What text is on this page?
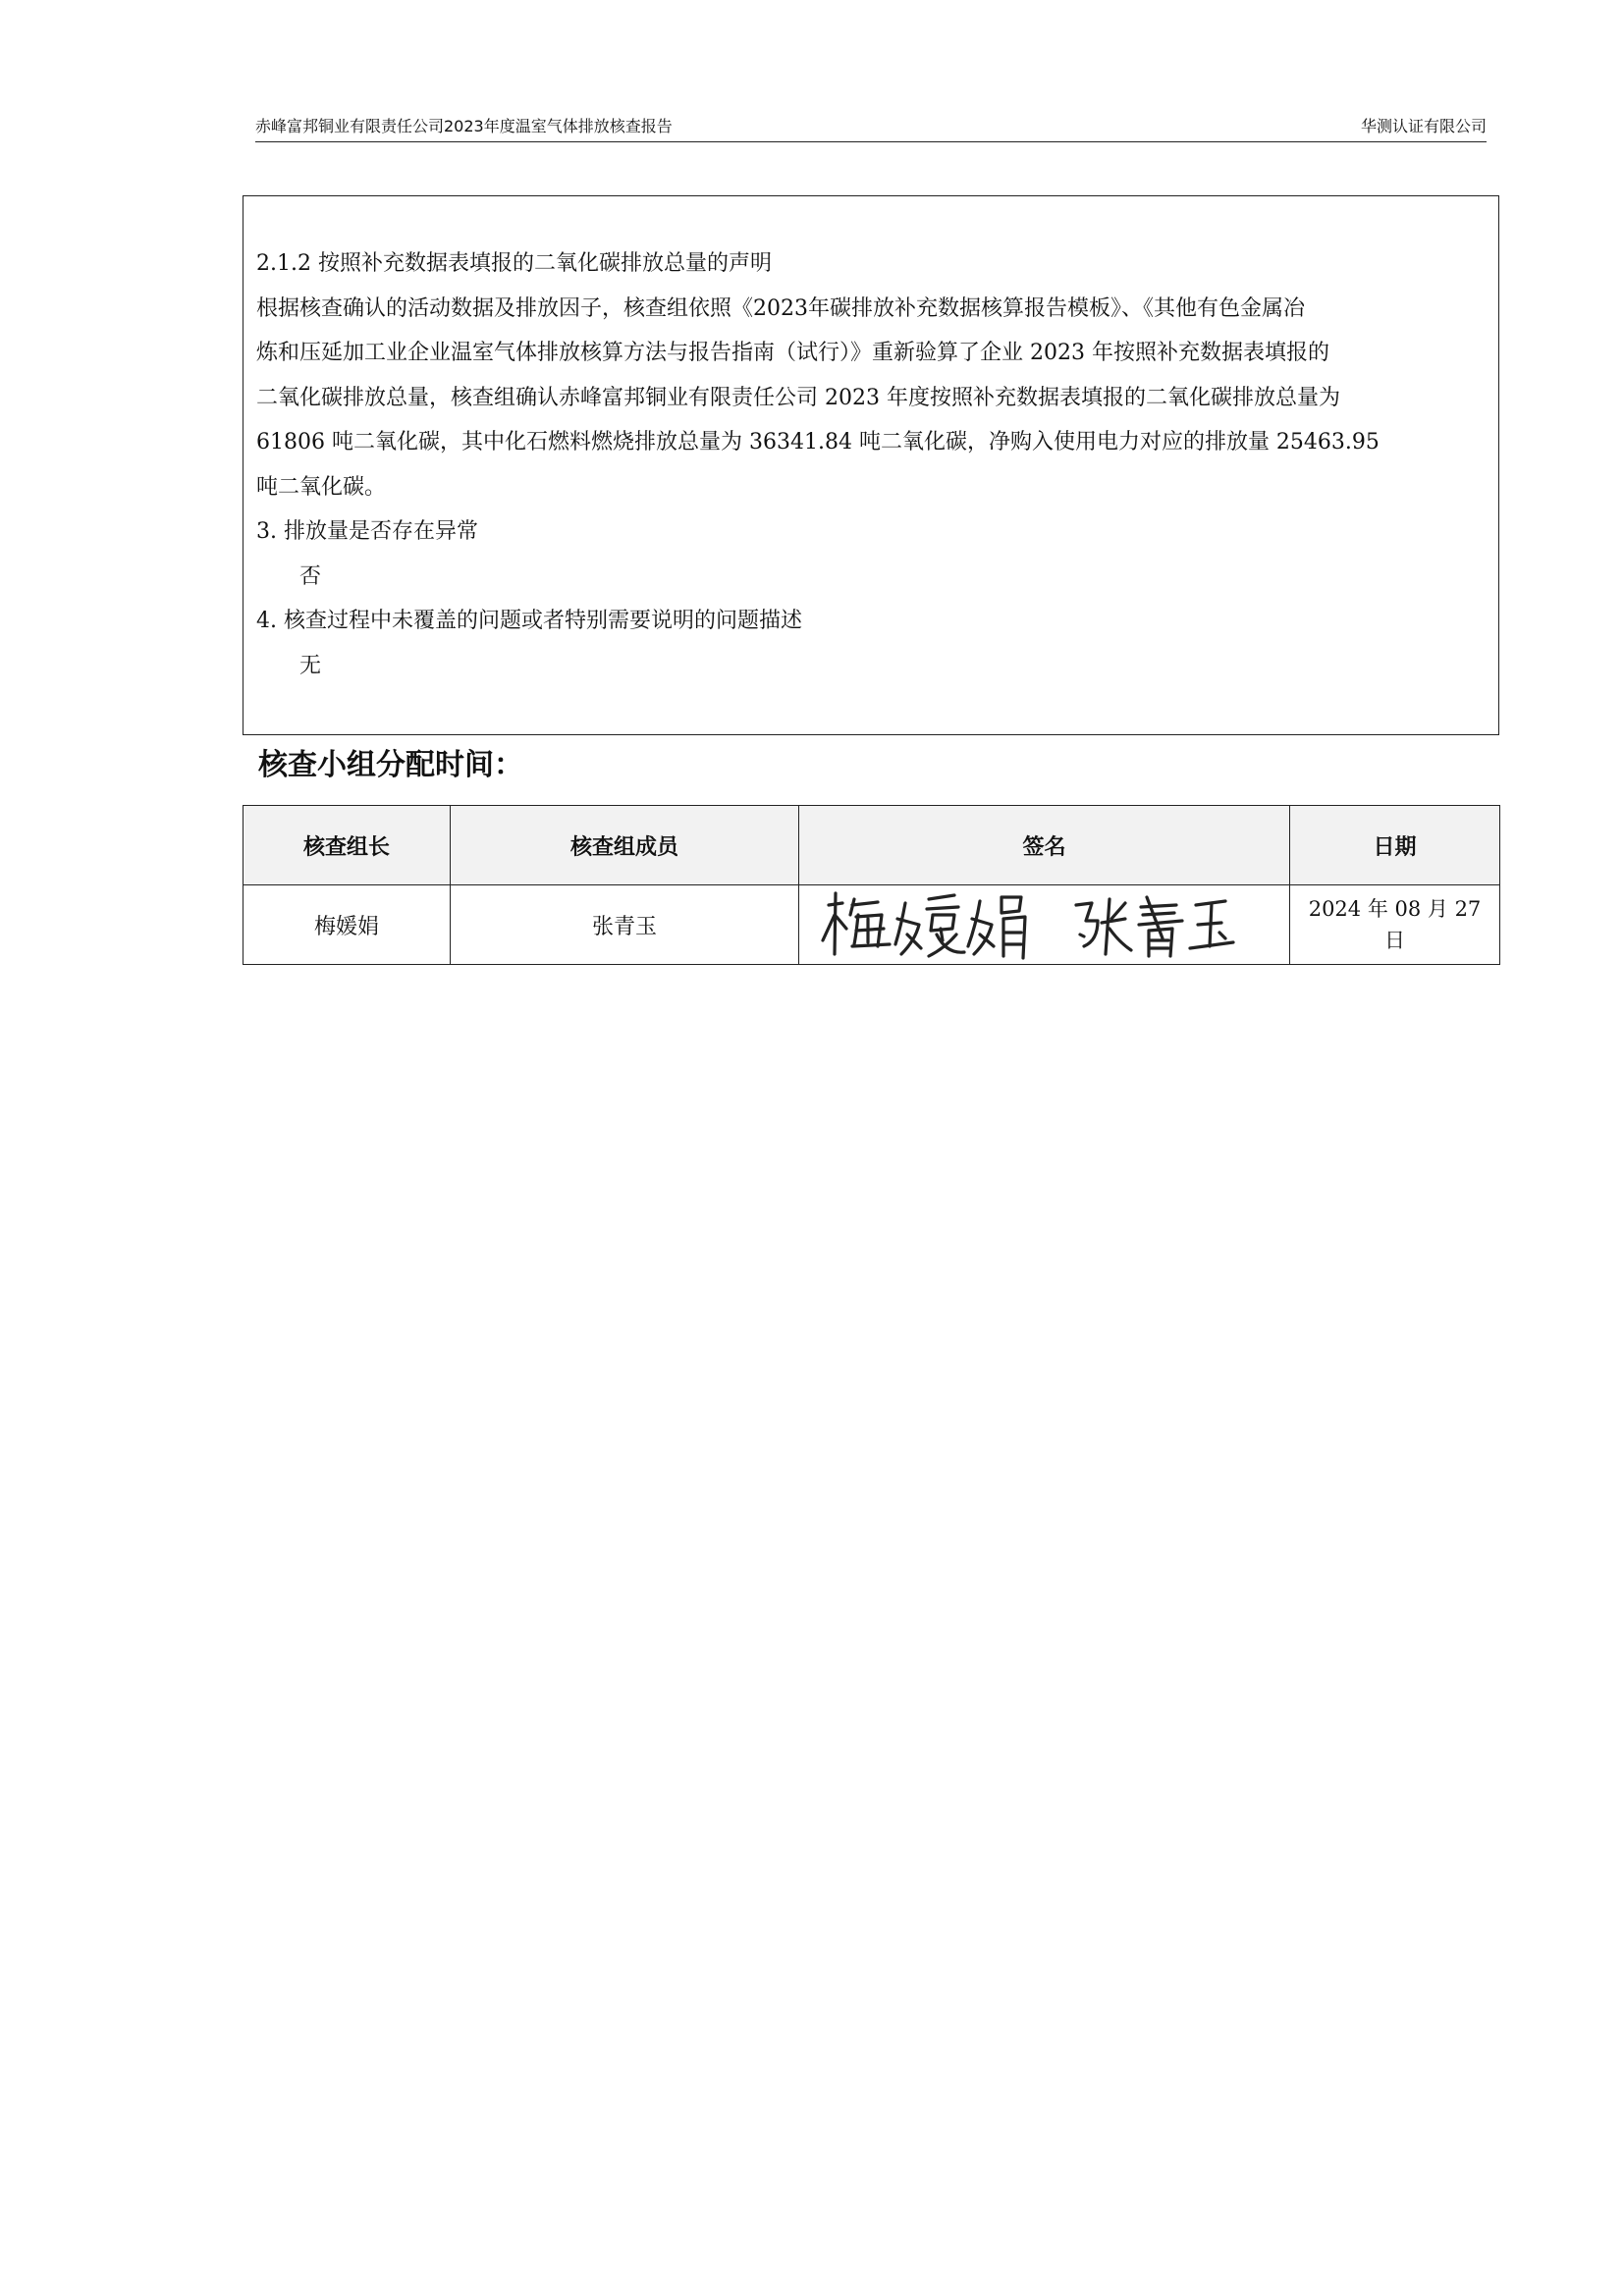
赤峰富邦铜业有限责任公司2023年度温室气体排放核查报告	华测认证有限公司

2.1.2 按照补充数据表填报的二氧化碳排放总量的声明

根据核查确认的活动数据及排放因子，核查组依照《2023年碳排放补充数据核算报告模板》、《其他有色金属冶

炼和压延加工业企业温室气体排放核算方法与报告指南（试行）》重新验算了企业 2023 年按照补充数据表填报的

二氧化碳排放总量，核查组确认赤峰富邦铜业有限责任公司 2023 年度按照补充数据表填报的二氧化碳排放总量为

61806 吨二氧化碳，其中化石燃料燃烧排放总量为 36341.84 吨二氧化碳，净购入使用电力对应的排放量 25463.95

吨二氧化碳。

3. 排放量是否存在异常

否

4. 核查过程中未覆盖的问题或者特别需要说明的问题描述

无

核查小组分配时间：
核查组长	核查组成员	签名	日期
梅媛娟	张青玉		2024 年 08 月 27 日
